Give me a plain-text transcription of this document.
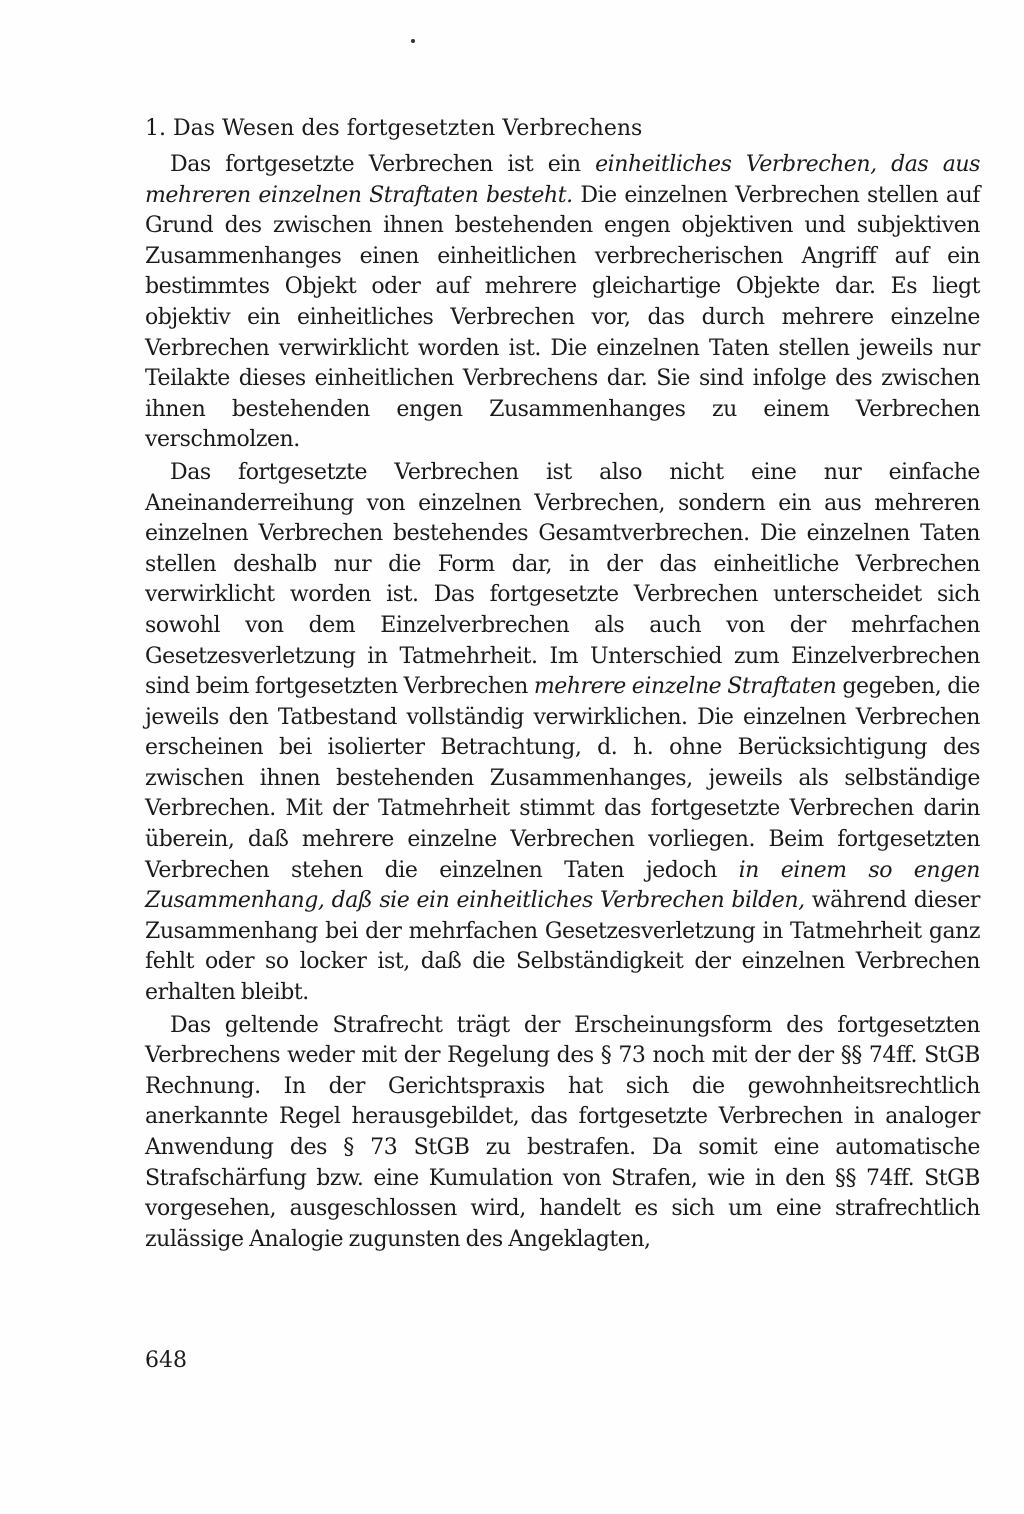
1. Das Wesen des fortgesetzten Verbrechens

Das fortgesetzte Verbrechen ist ein einheitliches Verbrechen, das aus mehreren einzelnen Straftaten besteht. Die einzelnen Verbrechen stellen auf Grund des zwischen ihnen bestehenden engen objektiven und subjektiven Zusammenhanges einen einheitlichen verbrecherischen Angriff auf ein bestimmtes Objekt oder auf mehrere gleichartige Objekte dar. Es liegt objektiv ein einheitliches Verbrechen vor, das durch mehrere einzelne Verbrechen verwirklicht worden ist. Die einzelnen Taten stellen jeweils nur Teilakte dieses einheitlichen Verbrechens dar. Sie sind infolge des zwischen ihnen bestehenden engen Zusammenhanges zu einem Verbrechen verschmolzen.

Das fortgesetzte Verbrechen ist also nicht eine nur einfache Aneinanderreihung von einzelnen Verbrechen, sondern ein aus mehreren einzelnen Verbrechen bestehendes Gesamtverbrechen. Die einzelnen Taten stellen deshalb nur die Form dar, in der das einheitliche Verbrechen verwirklicht worden ist. Das fortgesetzte Verbrechen unterscheidet sich sowohl von dem Einzelverbrechen als auch von der mehrfachen Gesetzesverletzung in Tatmehrheit. Im Unterschied zum Einzelverbrechen sind beim fortgesetzten Verbrechen mehrere einzelne Straftaten gegeben, die jeweils den Tatbestand vollständig verwirklichen. Die einzelnen Verbrechen erscheinen bei isolierter Betrachtung, d. h. ohne Berücksichtigung des zwischen ihnen bestehenden Zusammenhanges, jeweils als selbständige Verbrechen. Mit der Tatmehrheit stimmt das fortgesetzte Verbrechen darin überein, daß mehrere einzelne Verbrechen vorliegen. Beim fortgesetzten Verbrechen stehen die einzelnen Taten jedoch in einem so engen Zusammenhang, daß sie ein einheitliches Verbrechen bilden, während dieser Zusammenhang bei der mehrfachen Gesetzesverletzung in Tatmehrheit ganz fehlt oder so locker ist, daß die Selbständigkeit der einzelnen Verbrechen erhalten bleibt.

Das geltende Strafrecht trägt der Erscheinungsform des fortgesetzten Verbrechens weder mit der Regelung des § 73 noch mit der der §§ 74ff. StGB Rechnung. In der Gerichtspraxis hat sich die gewohnheitsrechtlich anerkannte Regel herausgebildet, das fortgesetzte Verbrechen in analoger Anwendung des § 73 StGB zu bestrafen. Da somit eine automatische Strafschärfung bzw. eine Kumulation von Strafen, wie in den §§ 74ff. StGB vorgesehen, ausgeschlossen wird, handelt es sich um eine strafrechtlich zulässige Analogie zugunsten des Angeklagten,

648
